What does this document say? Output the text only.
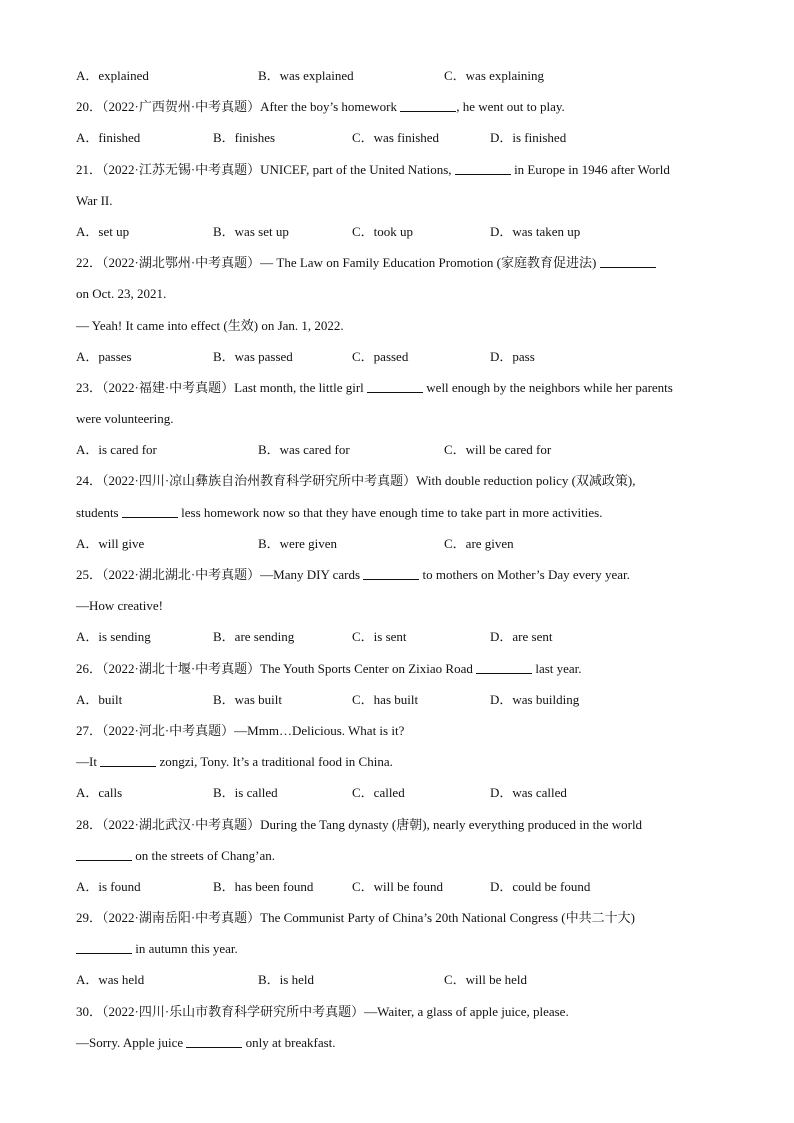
A．explained	B．was explained	C．was explaining
20．（2022·广西贺州·中考真题）After the boy’s homework	, he went out to play.
A．finished	B．finishes	C．was finished	D．is finished
21．（2022·江苏无锡·中考真题）UNICEF, part of the United Nations,	in Europe in 1946 after World
War II.
A．set up	B．was set up	C．took up	D．was taken up
22．（2022·湖北鄂州·中考真题）— The Law on Family Education Promotion (家庭教育促进法)
on Oct. 23, 2021.
— Yeah! It came into effect (生效) on Jan. 1, 2022.
A．passes	B．was passed	C．passed	D．pass
23．（2022·福建·中考真题）Last month, the little girl	well enough by the neighbors while her parents
were volunteering.
A．is cared for	B．was cared for	C．will be cared for
24．（2022·四川·凉山彝族自治州教育科学研究所中考真题）With double reduction policy (双减政策),
students	less homework now so that they have enough time to take part in more activities.
A．will give	B．were given	C．are given
25．（2022·湖北湖北·中考真题）—Many DIY cards	to mothers on Mother’s Day every year.
—How creative!
A．is sending	B．are sending	C．is sent	D．are sent
26．（2022·湖北十堰·中考真题）The Youth Sports Center on Zixiao Road	last year.
A．built	B．was built	C．has built	D．was building
27．（2022·河北·中考真题）—Mmm…Delicious. What is it?
—It	zongzi, Tony. It’s a traditional food in China.
A．calls	B．is called	C．called	D．was called
28．（2022·湖北武汉·中考真题）During the Tang dynasty (唐朝), nearly everything produced in the world
on the streets of Chang’an.
A．is found	B．has been found	C．will be found	D．could be found
29．（2022·湖南岳阳·中考真题）The Communist Party of China’s 20th National Congress (中共二十大)
in autumn this year.
A．was held	B．is held	C．will be held
30．（2022·四川·乐山市教育科学研究所中考真题）—Waiter, a glass of apple juice, please.
—Sorry. Apple juice	only at breakfast.
